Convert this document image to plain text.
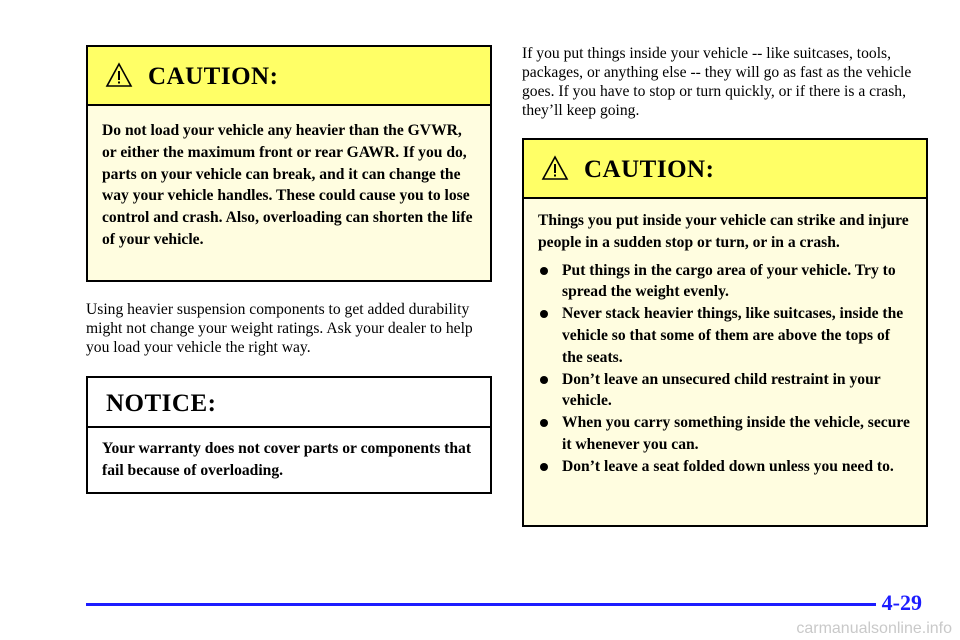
CAUTION:
Do not load your vehicle any heavier than the GVWR, or either the maximum front or rear GAWR. If you do, parts on your vehicle can break, and it can change the way your vehicle handles. These could cause you to lose control and crash. Also, overloading can shorten the life of your vehicle.
Using heavier suspension components to get added durability might not change your weight ratings. Ask your dealer to help you load your vehicle the right way.
NOTICE:
Your warranty does not cover parts or components that fail because of overloading.
If you put things inside your vehicle -- like suitcases, tools, packages, or anything else -- they will go as fast as the vehicle goes. If you have to stop or turn quickly, or if there is a crash, they’ll keep going.
CAUTION:
Things you put inside your vehicle can strike and injure people in a sudden stop or turn, or in a crash.
Put things in the cargo area of your vehicle. Try to spread the weight evenly.
Never stack heavier things, like suitcases, inside the vehicle so that some of them are above the tops of the seats.
Don’t leave an unsecured child restraint in your vehicle.
When you carry something inside the vehicle, secure it whenever you can.
Don’t leave a seat folded down unless you need to.
4-29
carmanualsonline.info
